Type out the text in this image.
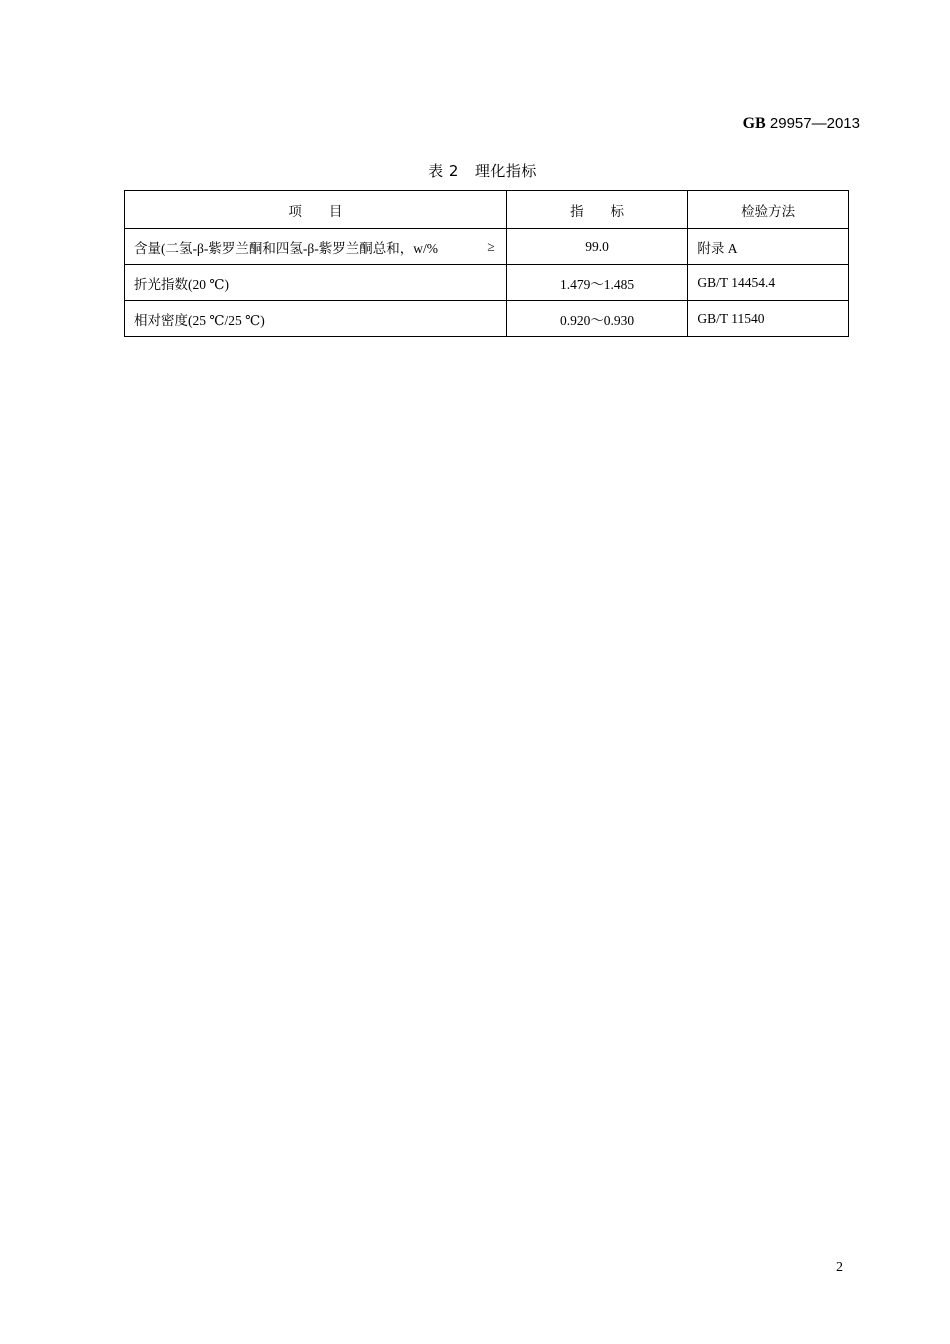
GB 29957—2013
表 2 理化指标
项　　目	指　　标	检验方法

含量(二氢-β-紫罗兰酮和四氢-β-紫罗兰酮总和，w/% ≥	99.0	附录 A

折光指数(20 ℃)	1.479～1.485	GB/T 14454.4

相对密度(25 ℃/25 ℃)	0.920～0.930	GB/T 11540
2
